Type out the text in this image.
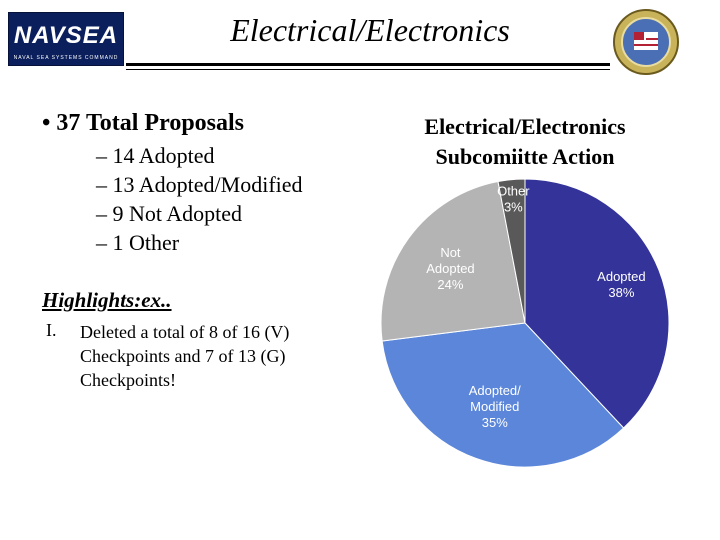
NAVSEA
NAVAL SEA SYSTEMS COMMAND
Electrical/Electronics
• 37 Total Proposals
– 14 Adopted
– 13 Adopted/Modified
– 9 Not Adopted
– 1 Other
Highlights:ex..
I. Deleted a total of 8 of 16 (V)
Checkpoints and 7 of 13 (G)
Checkpoints!
Electrical/Electronics
Subcomiitte Action
Adopted 38%
Adopted/ Modified 35%
Not Adopted 24%
Other 3%
